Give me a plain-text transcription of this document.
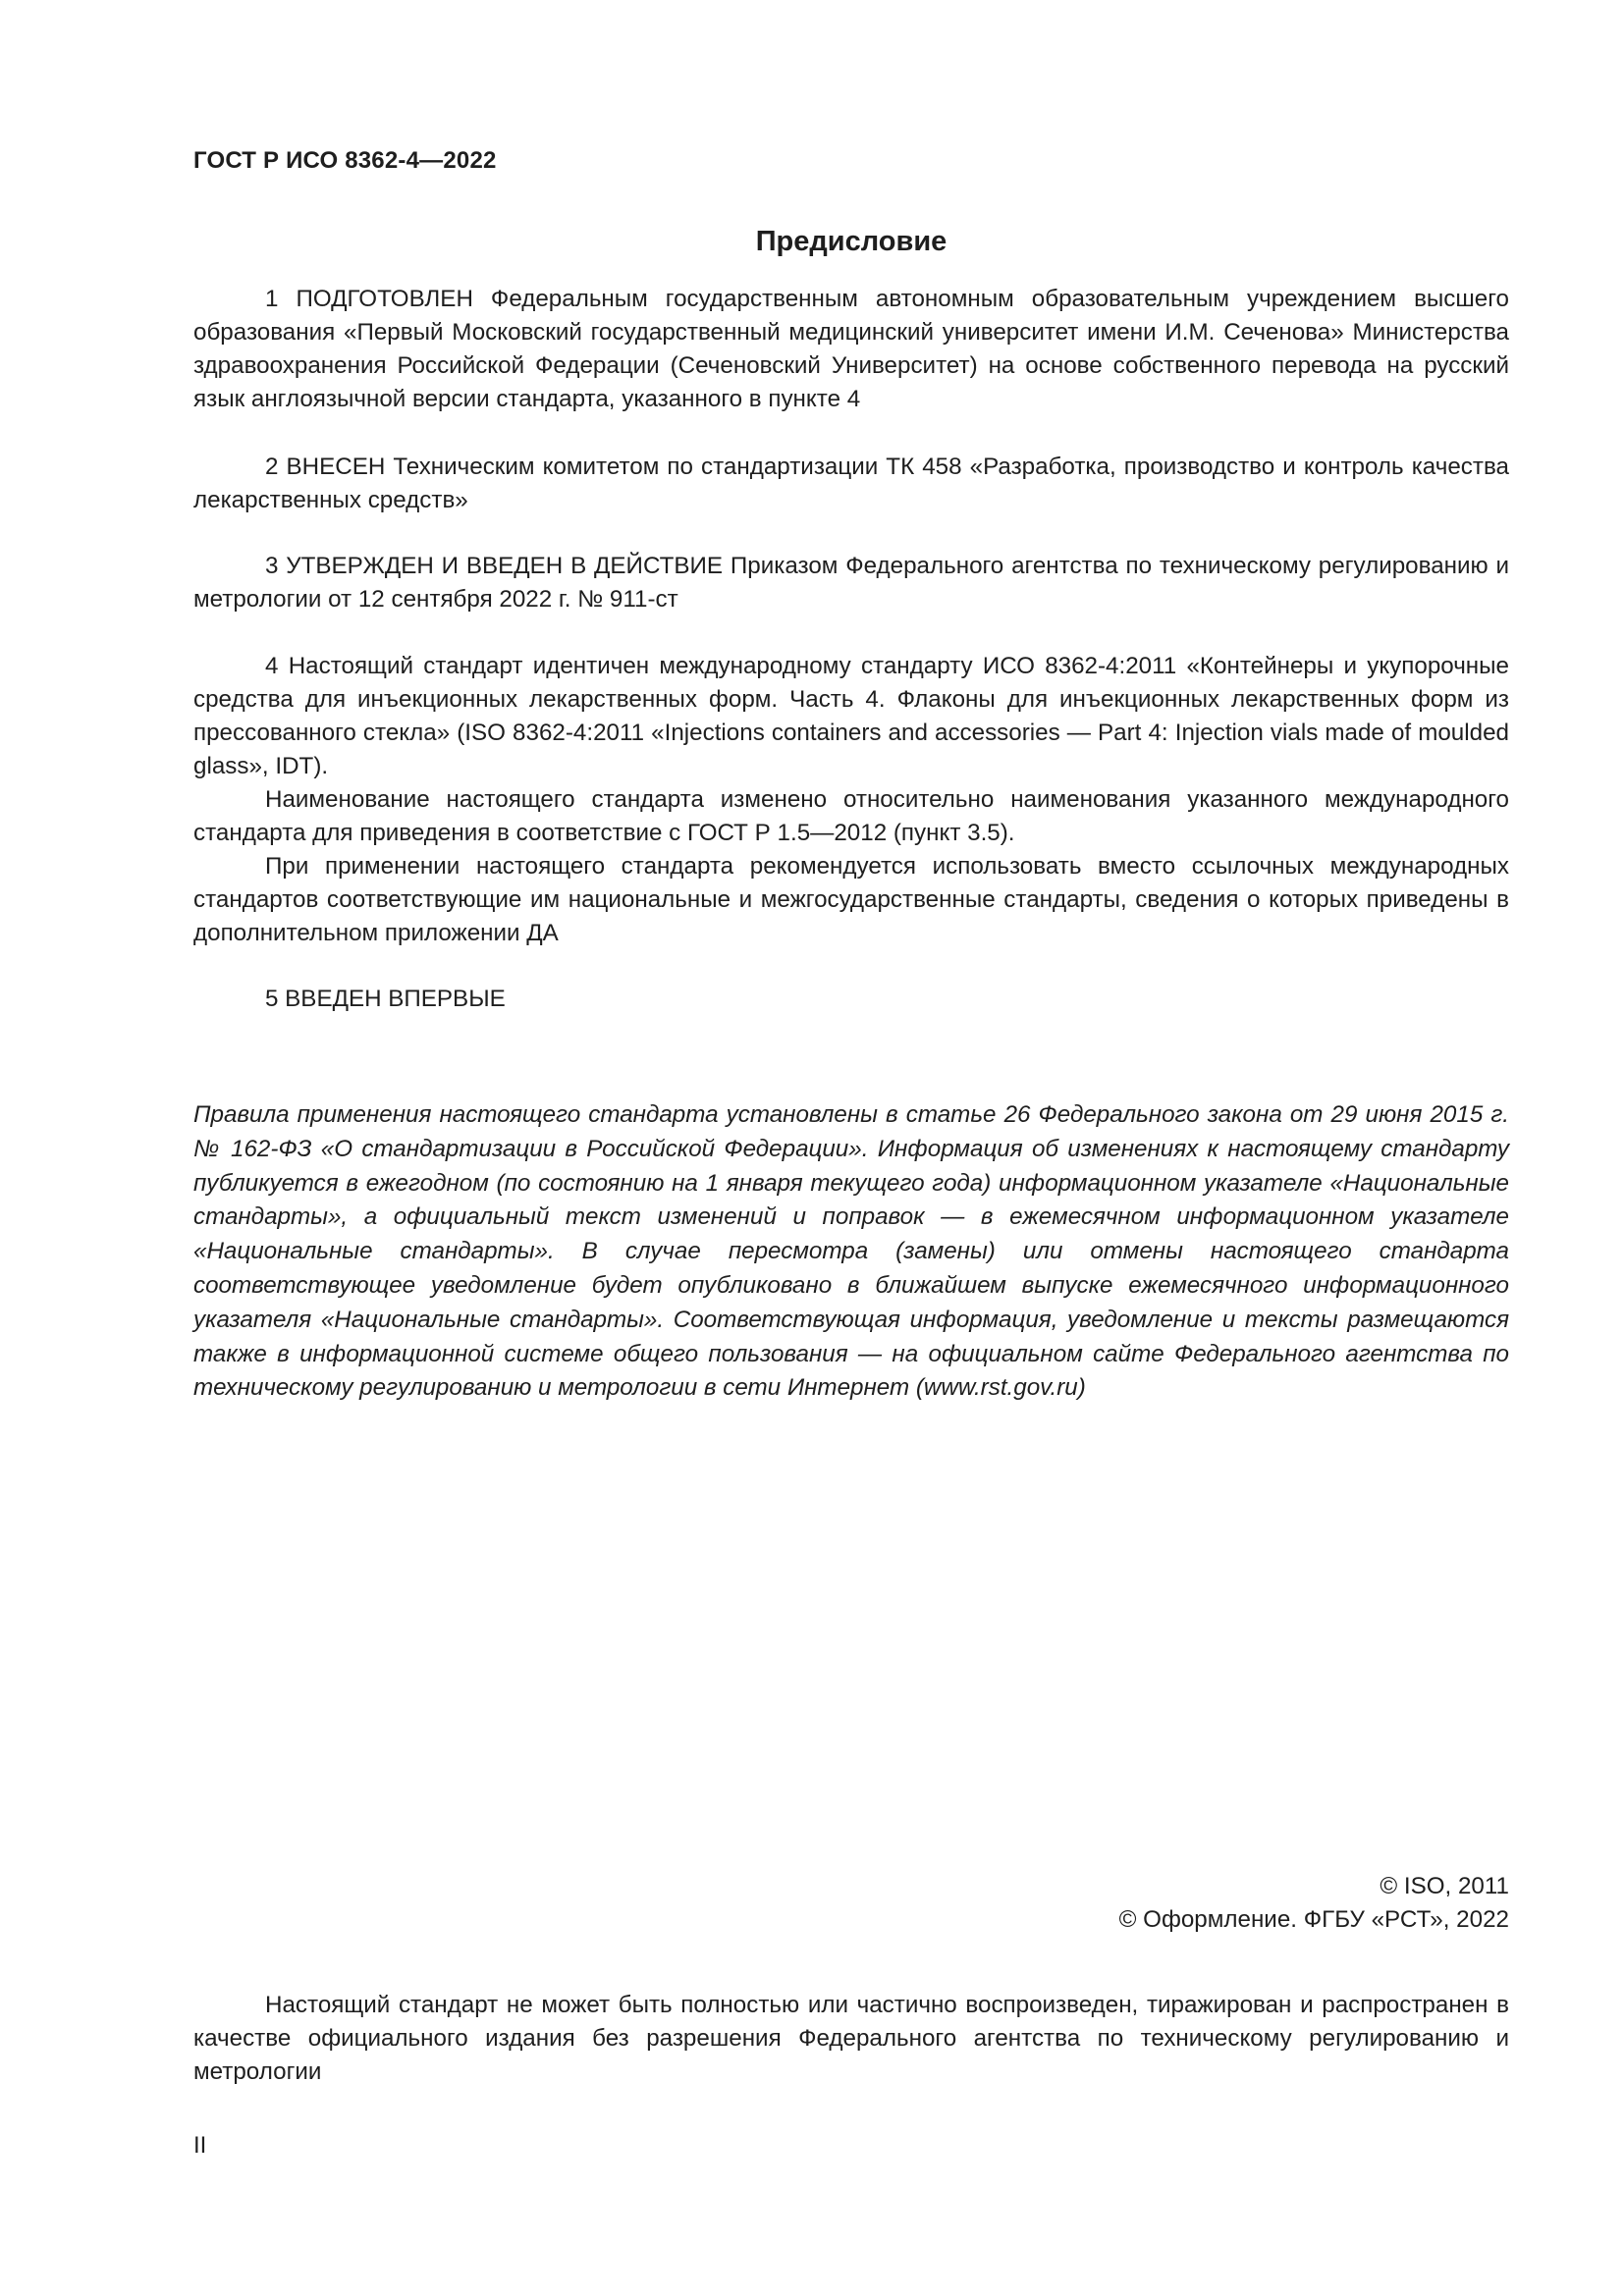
ГОСТ Р ИСО 8362-4—2022
Предисловие

1 ПОДГОТОВЛЕН Федеральным государственным автономным образовательным учреждением высшего образования «Первый Московский государственный медицинский университет имени И.М. Сеченова» Министерства здравоохранения Российской Федерации (Сеченовский Университет) на основе собственного перевода на русский язык англоязычной версии стандарта, указанного в пункте 4

2 ВНЕСЕН Техническим комитетом по стандартизации ТК 458 «Разработка, производство и контроль качества лекарственных средств»

3 УТВЕРЖДЕН И ВВЕДЕН В ДЕЙСТВИЕ Приказом Федерального агентства по техническому регулированию и метрологии от 12 сентября 2022 г. № 911-ст

4 Настоящий стандарт идентичен международному стандарту ИСО 8362-4:2011 «Контейнеры и укупорочные средства для инъекционных лекарственных форм. Часть 4. Флаконы для инъекционных лекарственных форм из прессованного стекла» (ISO 8362-4:2011 «Injections containers and accessories — Part 4: Injection vials made of moulded glass», IDT).

Наименование настоящего стандарта изменено относительно наименования указанного международного стандарта для приведения в соответствие с ГОСТ Р 1.5—2012 (пункт 3.5).

При применении настоящего стандарта рекомендуется использовать вместо ссылочных международных стандартов соответствующие им национальные и межгосударственные стандарты, сведения о которых приведены в дополнительном приложении ДА

5 ВВЕДЕН ВПЕРВЫЕ

Правила применения настоящего стандарта установлены в статье 26 Федерального закона от 29 июня 2015 г. № 162-ФЗ «О стандартизации в Российской Федерации». Информация об изменениях к настоящему стандарту публикуется в ежегодном (по состоянию на 1 января текущего года) информационном указателе «Национальные стандарты», а официальный текст изменений и поправок — в ежемесячном информационном указателе «Национальные стандарты». В случае пересмотра (замены) или отмены настоящего стандарта соответствующее уведомление будет опубликовано в ближайшем выпуске ежемесячного информационного указателя «Национальные стандарты». Соответствующая информация, уведомление и тексты размещаются также в информационной системе общего пользования — на официальном сайте Федерального агентства по техническому регулированию и метрологии в сети Интернет (www.rst.gov.ru)

© ISO, 2011
© Оформление. ФГБУ «РСТ», 2022

Настоящий стандарт не может быть полностью или частично воспроизведен, тиражирован и распространен в качестве официального издания без разрешения Федерального агентства по техническому регулированию и метрологии

II
